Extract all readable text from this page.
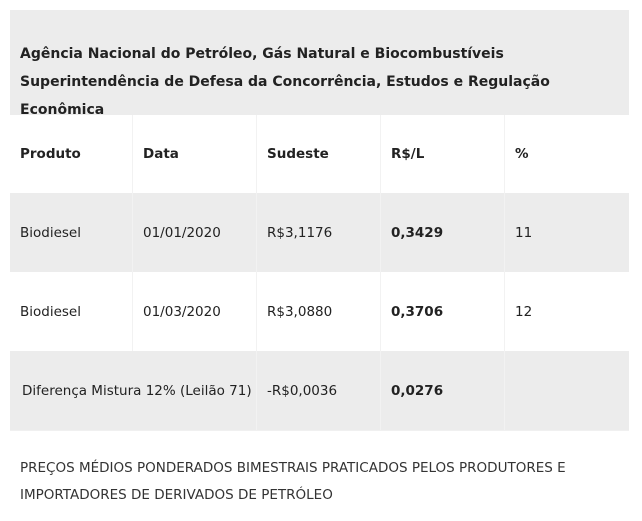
Agência Nacional do Petróleo, Gás Natural e Biocombustíveis Superintendência de Defesa da Concorrência, Estudos e Regulação Econômica
Produto	Data	Sudeste	R$/L	%
Biodiesel	01/01/2020	R$3,1176	0,3429	11
Biodiesel	01/03/2020	R$3,0880	0,3706	12
Diferença Mistura 12% (Leilão 71)	-R$0,0036	0,0276
PREÇOS MÉDIOS PONDERADOS BIMESTRAIS PRATICADOS PELOS PRODUTORES E IMPORTADORES DE DERIVADOS DE PETRÓLEO
